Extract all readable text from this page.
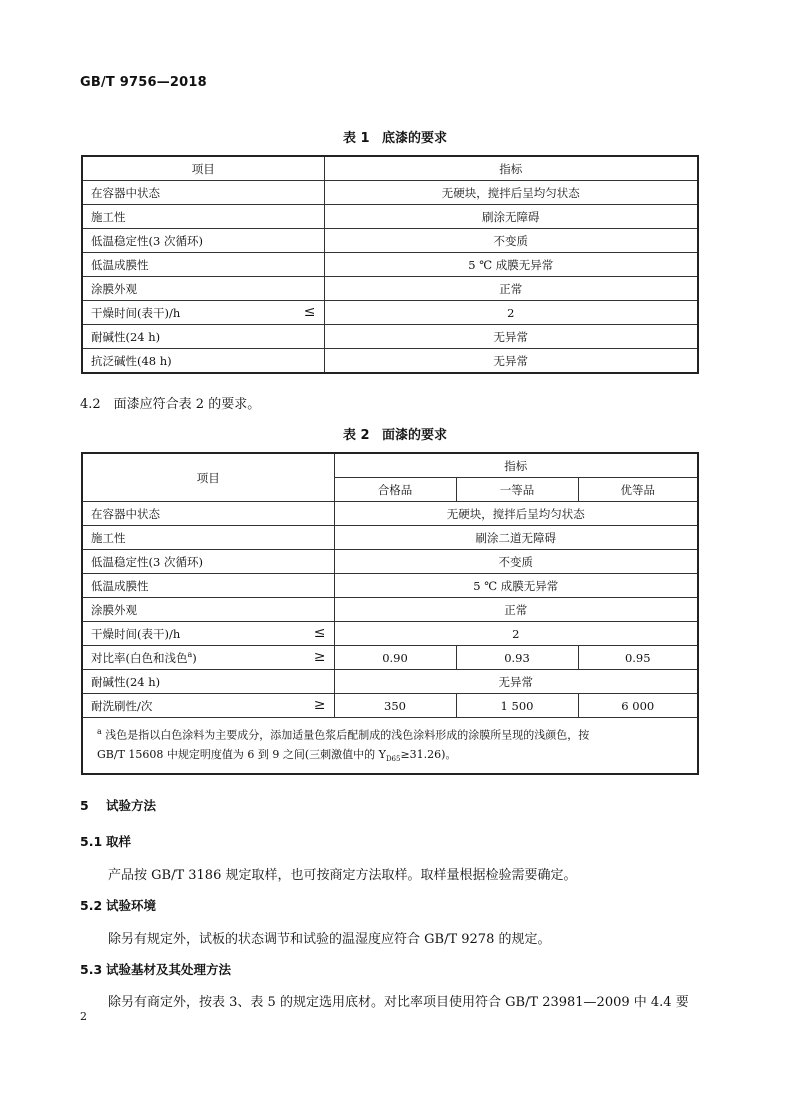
GB/T 9756—2018
表 1 底漆的要求
项目	指标
在容器中状态	无硬块，搅拌后呈均匀状态
施工性	刷涂无障碍
低温稳定性(3 次循环)	不变质
低温成膜性	5 ℃ 成膜无异常
涂膜外观	正常
干燥时间(表干)/h ≤	2
耐碱性(24 h)	无异常
抗泛碱性(48 h)	无异常
4.2　面漆应符合表 2 的要求。
表 2 面漆的要求
项目	指标		
	合格品	一等品	优等品
在容器中状态	无硬块，搅拌后呈均匀状态		
施工性	刷涂二道无障碍		
低温稳定性(3 次循环)	不变质		
低温成膜性	5 ℃ 成膜无异常		
涂膜外观	正常		
干燥时间(表干)/h ≤	2		
对比率(白色和浅色$^a$) ≥	0.90	0.93	0.95
耐碱性(24 h)	无异常		
耐洗刷性/次 ≥	350	1 500	6 000
$^a$ 浅色是指以白色涂料为主要成分，添加适量色浆后配制成的浅色涂料形成的涂膜所呈现的浅颜色，按
GB/T 15608 中规定明度值为 6 到 9 之间(三刺激值中的 $Y_{D65}\ge 31.26$)。			
5 试验方法
5.1 取样
产品按 GB/T 3186 规定取样，也可按商定方法取样。取样量根据检验需要确定。
5.2 试验环境
除另有规定外，试板的状态调节和试验的温湿度应符合 GB/T 9278 的规定。
5.3 试验基材及其处理方法
除另有商定外，按表 3、表 5 的规定选用底材。对比率项目使用符合 GB/T 23981—2009 中 4.4 要
2
